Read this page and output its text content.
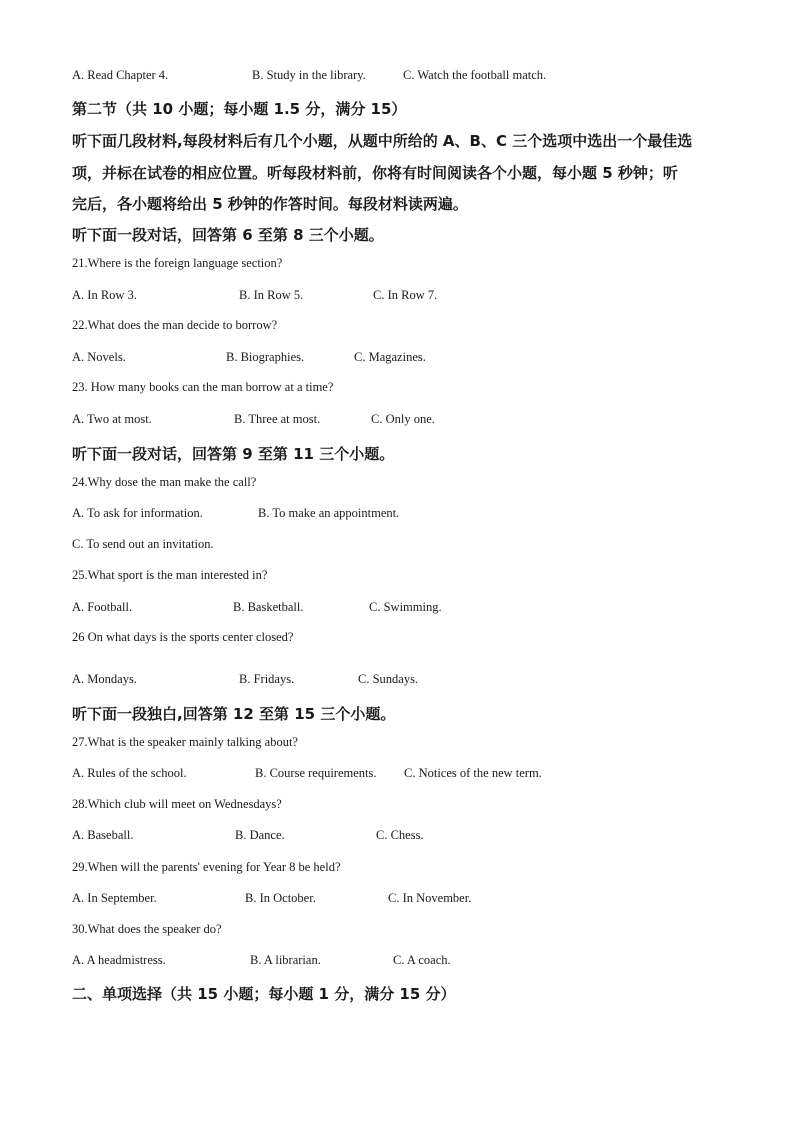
A. Read Chapter 4.	B. Study in the library.	C. Watch the football match.
第二节（共 10 小题；每小题 1.5 分，满分 15）
听下面几段材料,每段材料后有几个小题，从题中所给的 A、B、C 三个选项中选出一个最佳选
项，并标在试卷的相应位置。听每段材料前，你将有时间阅读各个小题，每小题 5 秒钟；听
完后，各小题将给出 5 秒钟的作答时间。每段材料读两遍。
听下面一段对话，回答第 6 至第 8 三个小题。
21.Where is the foreign language section?
A. In Row 3.	B. In Row 5.	C. In Row 7.
22.What does the man decide to borrow?
A. Novels.	B. Biographies.	C. Magazines.
23. How many books can the man borrow at a time?
A. Two at most.	B. Three at most.	C. Only one.
听下面一段对话，回答第 9 至第 11 三个小题。
24.Why dose the man make the call?
A. To ask for information.	B. To make an appointment.
C. To send out an invitation.
25.What sport is the man interested in?
A. Football.	B. Basketball.	C. Swimming.
26 On what days is the sports center closed?
A. Mondays.	B. Fridays.	C. Sundays.
听下面一段独白,回答第 12 至第 15 三个小题。
27.What is the speaker mainly talking about?
A. Rules of the school.	B. Course requirements. C. Notices of the new term.
28.Which club will meet on Wednesdays?
A. Baseball.	B. Dance.	C. Chess.
29.When will the parents' evening for Year 8 be held?
A. In September.	B. In October.	C. In November.
30.What does the speaker do?
A. A headmistress.	B. A librarian.	C. A coach.
二、单项选择（共 15 小题；每小题 1 分，满分 15 分）
